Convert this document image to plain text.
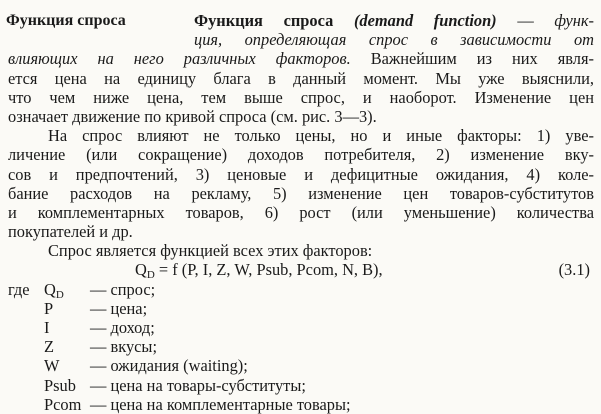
Функция спроса	Функция спроса (demand function) — функ-
ция, определяющая спрос в зависимости от
влияющих на него различных факторов. Важнейшим из них явля-
ется цена на единицу блага в данный момент. Мы уже выяснили,
что чем ниже цена, тем выше спрос, и наоборот. Изменение цен
означает движение по кривой спроса (см. рис. 3—3).
На спрос влияют не только цены, но и иные факторы: 1) уве-
личение (или сокращение) доходов потребителя, 2) изменение вку-
сов и предпочтений, 3) ценовые и дефицитные ожидания, 4) коле-
бание расходов на рекламу, 5) изменение цен товаров-субститутов
и комплементарных товаров, 6) рост (или уменьшение) количества
покупателей и др.
Спрос является функцией всех этих факторов:
$Q_D = f$ (P, I, Z, W, Psub, Pcom, N, B),	(3.1)
где $Q_D$ — спрос;
P — цена;
I — доход;
Z — вкусы;
W — ожидания (waiting);
Psub — цена на товары-субституты;
Pcom — цена на комплементарные товары;
